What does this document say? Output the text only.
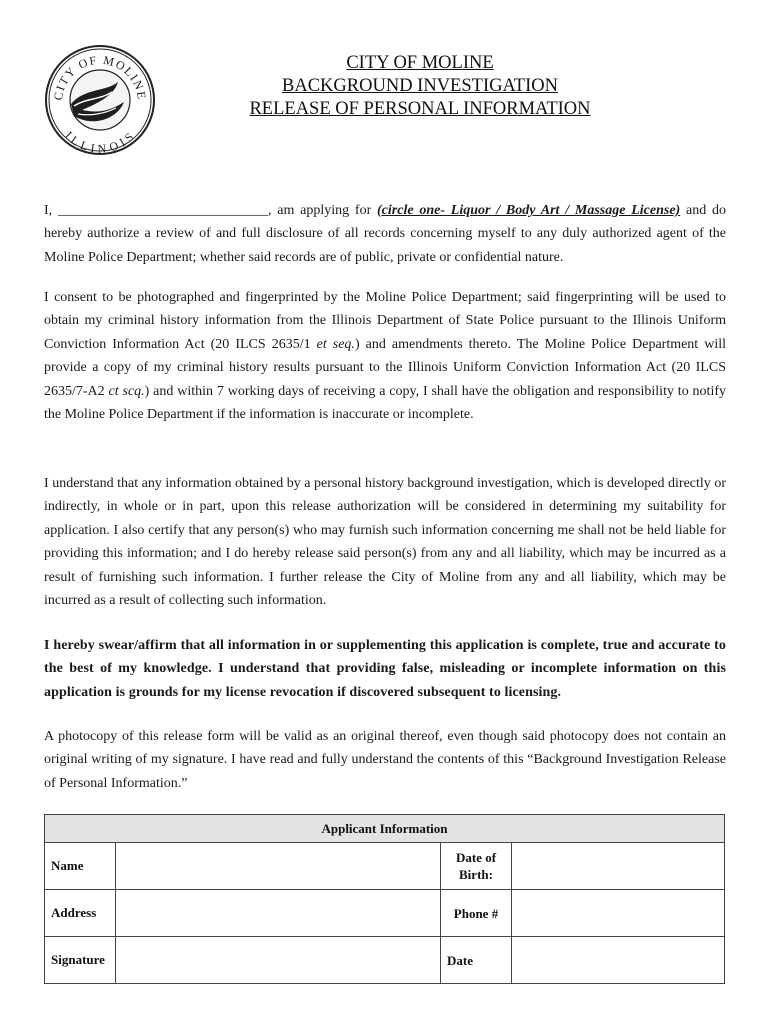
CITY OF MOLINE
ILLINOIS
CITY OF MOLINE
BACKGROUND INVESTIGATION
RELEASE OF PERSONAL INFORMATION

I, ______________________________, am applying for (circle one- Liquor / Body Art / Massage License) and do hereby authorize a review of and full disclosure of all records concerning myself to any duly authorized agent of the Moline Police Department; whether said records are of public, private or confidential nature.

I consent to be photographed and fingerprinted by the Moline Police Department; said fingerprinting will be used to obtain my criminal history information from the Illinois Department of State Police pursuant to the Illinois Uniform Conviction Information Act (20 ILCS 2635/1 et seq.) and amendments thereto. The Moline Police Department will provide a copy of my criminal history results pursuant to the Illinois Uniform Conviction Information Act (20 ILCS 2635/7-A2 ct scq.) and within 7 working days of receiving a copy, I shall have the obligation and responsibility to notify the Moline Police Department if the information is inaccurate or incomplete.

I understand that any information obtained by a personal history background investigation, which is developed directly or indirectly, in whole or in part, upon this release authorization will be considered in determining my suitability for application. I also certify that any person(s) who may furnish such information concerning me shall not be held liable for providing this information; and I do hereby release said person(s) from any and all liability, which may be incurred as a result of furnishing such information. I further release the City of Moline from any and all liability, which may be incurred as a result of collecting such information.

I hereby swear/affirm that all information in or supplementing this application is complete, true and accurate to the best of my knowledge. I understand that providing false, misleading or incomplete information on this application is grounds for my license revocation if discovered subsequent to licensing.

A photocopy of this release form will be valid as an original thereof, even though said photocopy does not contain an original writing of my signature. I have read and fully understand the contents of this “Background Investigation Release of Personal Information.”

Applicant Information			
Name		Date of Birth:	
Address		Phone #	
Signature		Date	
